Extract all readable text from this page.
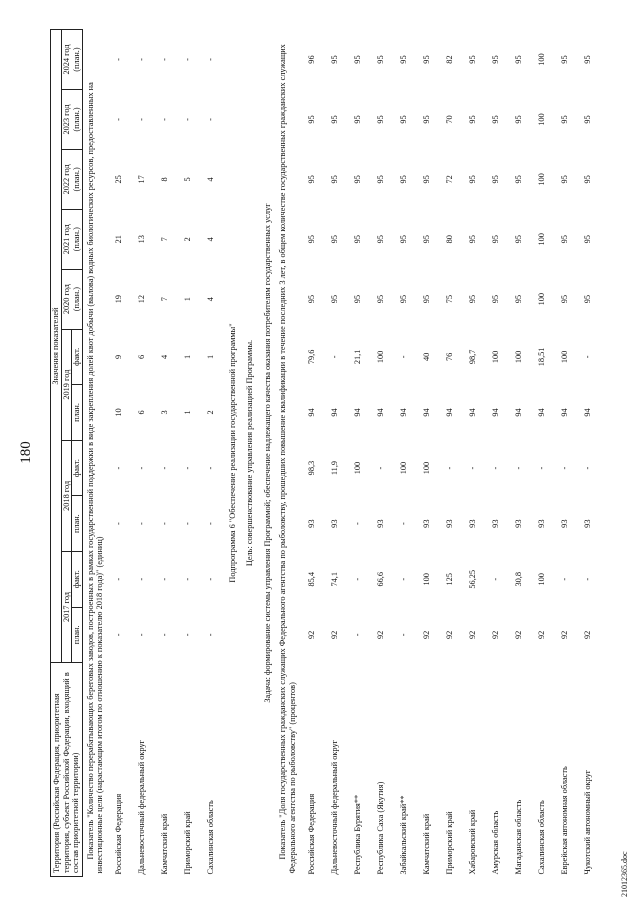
180
Территория (Российская Федерация, приоритетная территория, субъект Российской Федерации, входящий в состав приоритетной территории)	Значения показателей										
	2017 год		2018 год		2019 год		2020 год (план.)	2021 год (план.)	2022 год (план.)	2023 год (план.)	2024 год (план.)
	план.	факт.	план.	факт.	план.	факт.					
Показатель "Количество перерабатывающих береговых заводов, построенных в рамках государственной поддержки в виде закрепления долей квот добычи (вылова) водных биологических ресурсов, предоставленных на инвестиционные цели (нарастающим итогом по отношению к показателю 2018 года)" (единиц)											
Российская Федерация	-	-	-	-	10	9	19	21	25	-	-
Дальневосточный федеральный округ	-	-	-	-	6	6	12	13	17	-	-
Камчатский край	-	-	-	-	3	4	7	7	8	-	-
Приморский край	-	-	-	-	1	1	1	2	5	-	-
Сахалинская область	-	-	-	-	2	1	4	4	4	-	-
Подпрограмма 6 "Обеспечение реализации государственной программы"											
Цель: совершенствование управления реализацией Программы.											
Задача: формирование системы управления Программой; обеспечение надлежащего качества оказания потребителям государственных услуг											
Показатель "Доля государственных гражданских служащих Федерального агентства по рыболовству, прошедших повышение квалификации в течение последних 3 лет, в общем количестве государственных гражданских служащих Федерального агентства по рыболовству" (процентов)											
Российская Федерация	92	85,4	93	98,3	94	79,6	95	95	95	95	96
Дальневосточный федеральный округ	92	74,1	93	11,9	94	-	95	95	95	95	95
Республика Бурятия**	-	-	-	100	94	21,1	95	95	95	95	95
Республика Саха (Якутия)	92	66,6	93	-	94	100	95	95	95	95	95
Забайкальский край**	-	-	-	100	94	-	95	95	95	95	95
Камчатский край	92	100	93	100	94	40	95	95	95	95	95
Приморский край	92	125	93	-	94	76	75	80	72	70	82
Хабаровский край	92	56,25	93	-	94	98,7	95	95	95	95	95
Амурская область	92	-	93	-	94	100	95	95	95	95	95
Магаданская область	92	30,8	93	-	94	100	95	95	95	95	95
Сахалинская область	92	100	93	-	94	18,51	100	100	100	100	100
Еврейская автономная область	92	-	93	-	94	100	95	95	95	95	95
Чукотский автономный округ	92	-	93	-	94	-	95	95	95	95	95
21012365.doc
